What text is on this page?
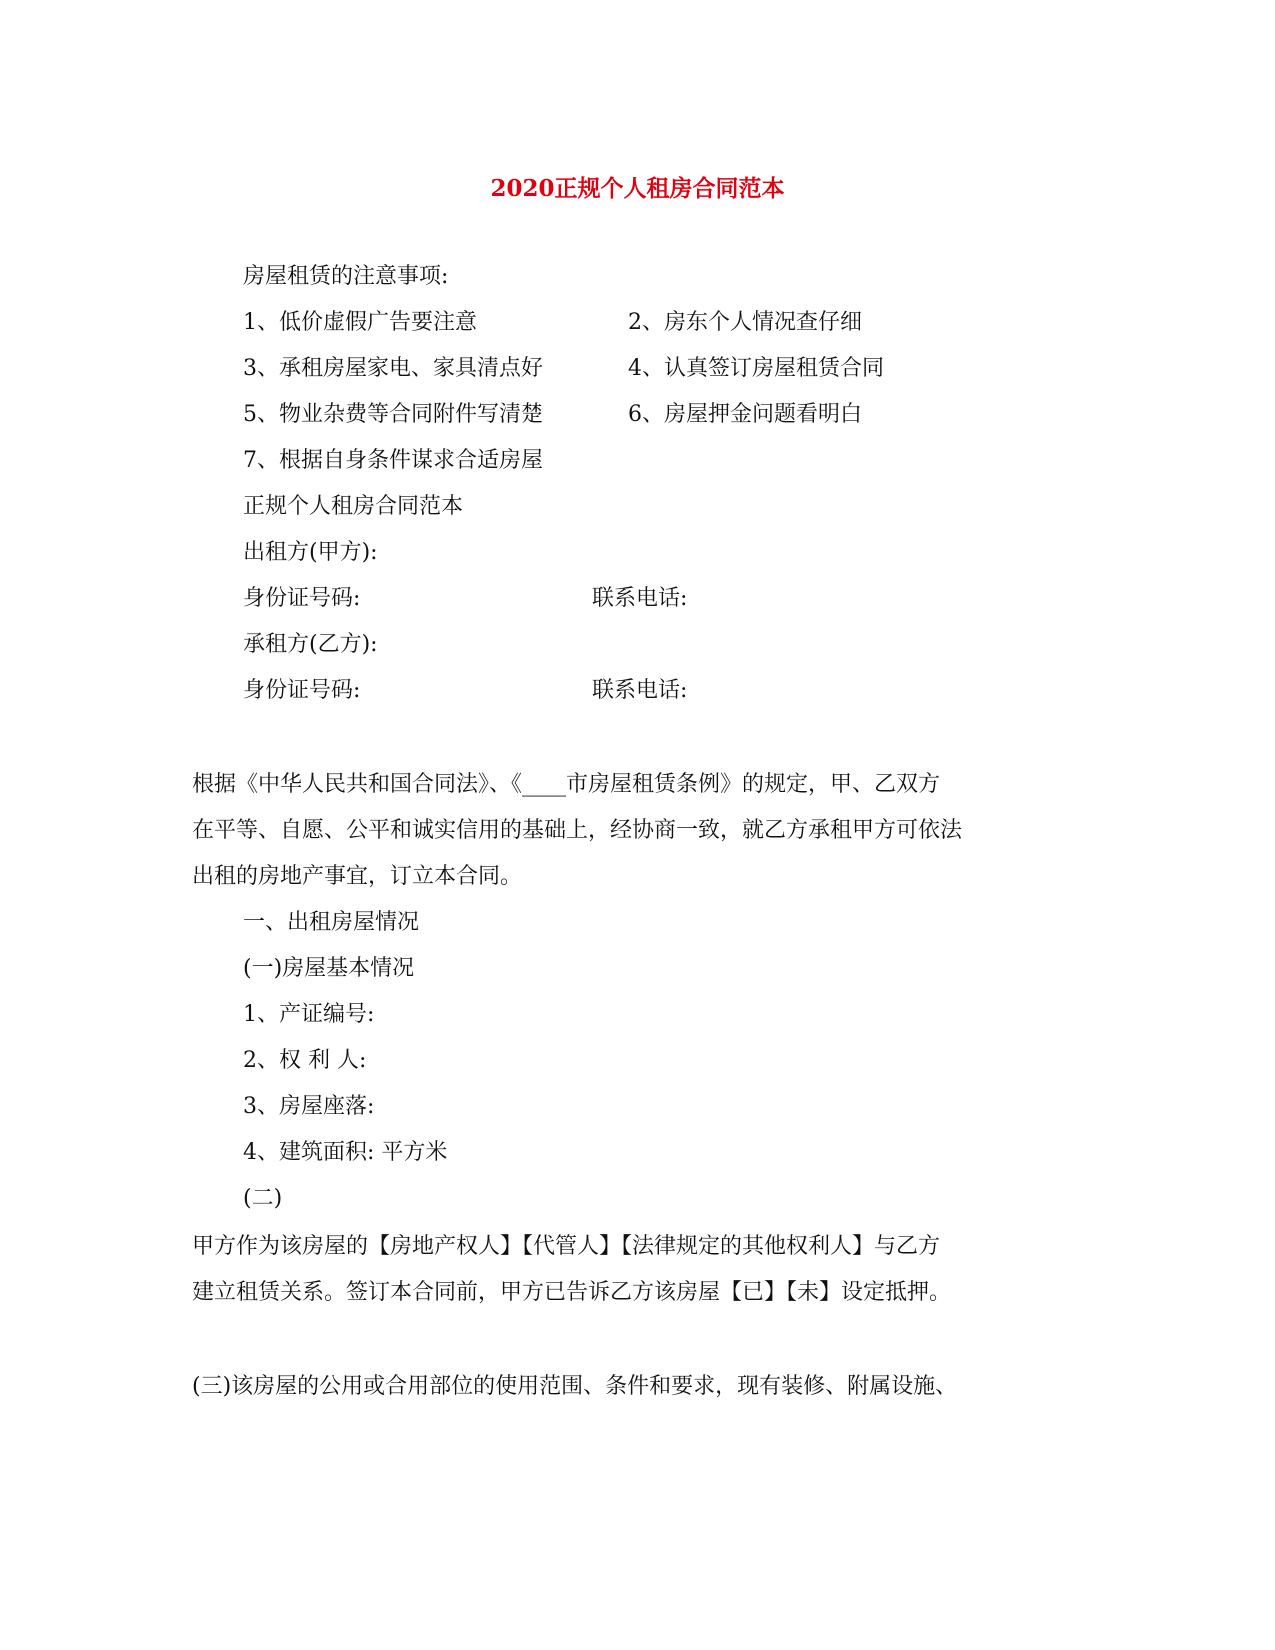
2020正规个人租房合同范本
房屋租赁的注意事项:
1、低价虚假广告要注意	2、房东个人情况查仔细
3、承租房屋家电、家具清点好	4、认真签订房屋租赁合同
5、物业杂费等合同附件写清楚	6、房屋押金问题看明白
7、根据自身条件谋求合适房屋
正规个人租房合同范本
出租方(甲方):
身份证号码:	联系电话:
承租方(乙方):
身份证号码:	联系电话:
根据《中华人民共和国合同法》、《____市房屋租赁条例》的规定，甲、乙双方
在平等、自愿、公平和诚实信用的基础上，经协商一致，就乙方承租甲方可依法
出租的房地产事宜，订立本合同。
一、出租房屋情况
(一)房屋基本情况
1、产证编号:
2、权 利 人:
3、房屋座落:
4、建筑面积: 平方米
(二)
甲方作为该房屋的【房地产权人】【代管人】【法律规定的其他权利人】与乙方
建立租赁关系。签订本合同前，甲方已告诉乙方该房屋【已】【未】设定抵押。
(三)该房屋的公用或合用部位的使用范围、条件和要求，现有装修、附属设施、
